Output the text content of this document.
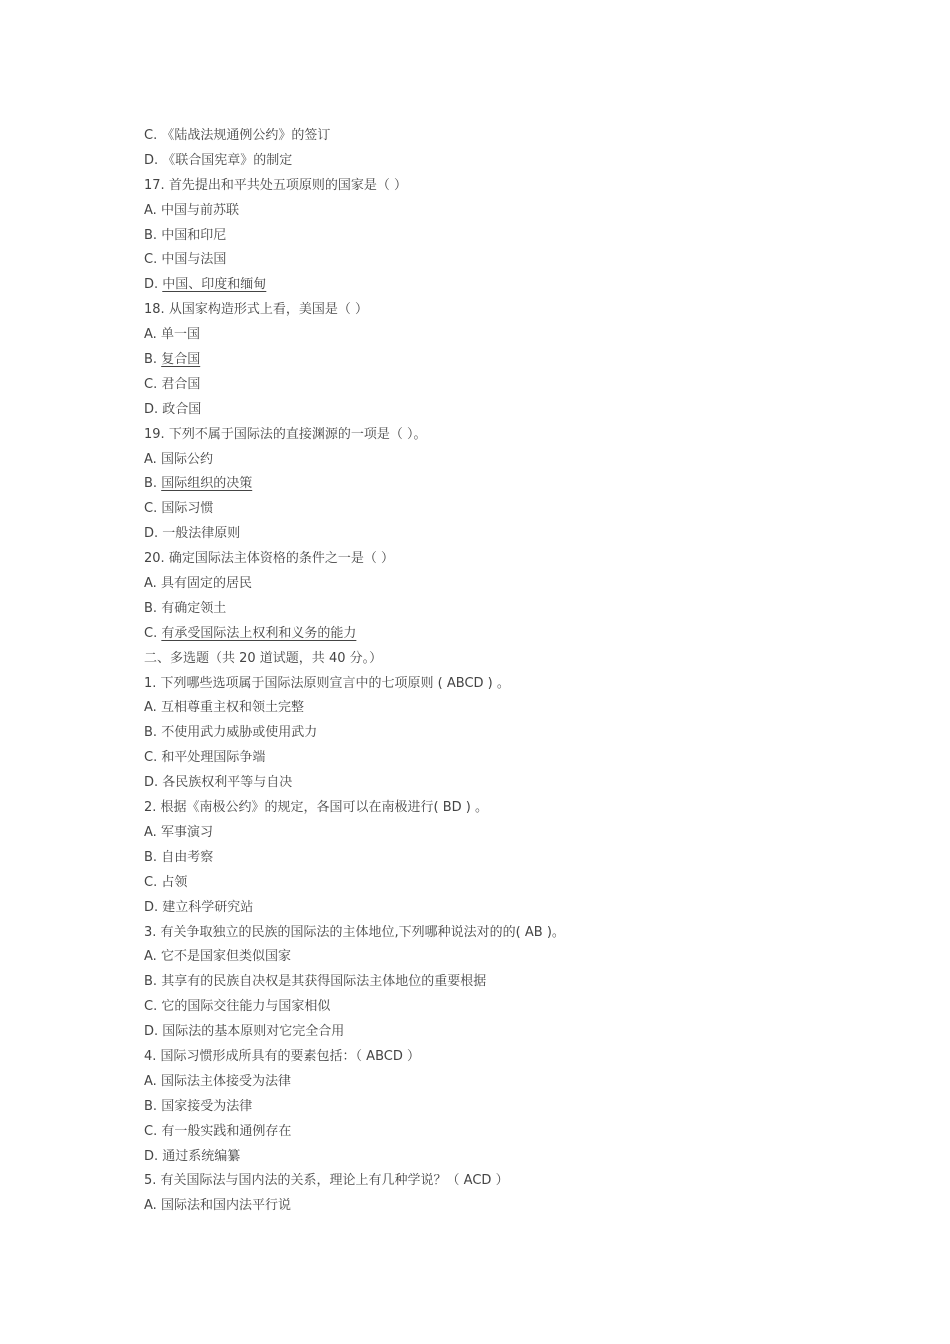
C. 《陆战法规通例公约》的签订
D. 《联合国宪章》的制定
17. 首先提出和平共处五项原则的国家是（ ）
A. 中国与前苏联
B. 中国和印尼
C. 中国与法国
D. 中国、印度和缅甸
18. 从国家构造形式上看，美国是（ ）
A. 单一国
B. 复合国
C. 君合国
D. 政合国
19. 下列不属于国际法的直接渊源的一项是（ ）。
A. 国际公约
B. 国际组织的决策
C. 国际习惯
D. 一般法律原则
20. 确定国际法主体资格的条件之一是（ ）
A. 具有固定的居民
B. 有确定领土
C. 有承受国际法上权利和义务的能力
二、多选题（共 20 道试题，共 40 分。）
1. 下列哪些选项属于国际法原则宣言中的七项原则 ( ABCD ) 。
A. 互相尊重主权和领土完整
B. 不使用武力威胁或使用武力
C. 和平处理国际争端
D. 各民族权利平等与自决
2. 根据《南极公约》的规定，各国可以在南极进行( BD ) 。
A. 军事演习
B. 自由考察
C. 占领
D. 建立科学研究站
3. 有关争取独立的民族的国际法的主体地位,下列哪种说法对的的( AB )。
A. 它不是国家但类似国家
B. 其享有的民族自决权是其获得国际法主体地位的重要根据
C. 它的国际交往能力与国家相似
D. 国际法的基本原则对它完全合用
4. 国际习惯形成所具有的要素包括：（ ABCD ）
A. 国际法主体接受为法律
B. 国家接受为法律
C. 有一般实践和通例存在
D. 通过系统编纂
5. 有关国际法与国内法的关系，理论上有几种学说？（ ACD ）
A. 国际法和国内法平行说
